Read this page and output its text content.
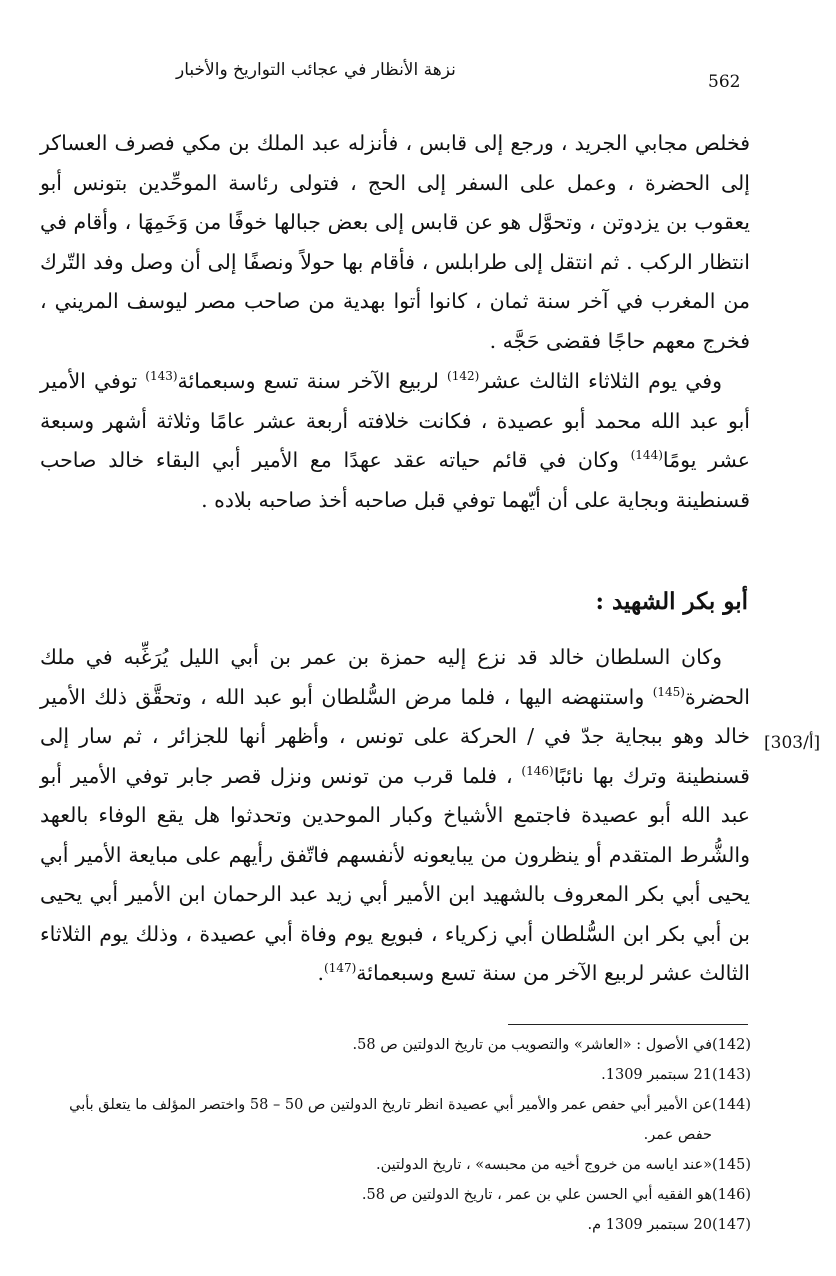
نزهة الأنظار في عجائب التواريخ والأخبار
562

فخلص مجابي الجريد ، ورجع إلى قابس ، فأنزله عبد الملك بن مكي فصرف العساكر إلى الحضرة ، وعمل على السفر إلى الحج ، فتولى رئاسة الموحِّدين بتونس أبو يعقوب بن يزدوتن ، وتحوَّل هو عن قابس إلى بعض جبالها خوفًا من وَخَمِهَا ، وأقام في انتظار الركب . ثم انتقل إلى طرابلس ، فأقام بها حولاً ونصفًا إلى أن وصل وفد التّرك من المغرب في آخر سنة ثمان ، كانوا أتوا بهدية من صاحب مصر ليوسف المريني ، فخرج معهم حاجًا فقضى حَجَّه .

وفي يوم الثلاثاء الثالث عشر$^{(142)}$ لربيع الآخر سنة تسع وسبعمائة$^{(143)}$ توفي الأمير أبو عبد الله محمد أبو عصيدة ، فكانت خلافته أربعة عشر عامًا وثلاثة أشهر وسبعة عشر يومًا$^{(144)}$ وكان في قائم حياته عقد عهدًا مع الأمير أبي البقاء خالد صاحب قسنطينة وبجاية على أن أيّهما توفي قبل صاحبه أخذ صاحبه بلاده .

أبو بكر الشهيد :

وكان السلطان خالد قد نزع إليه حمزة بن عمر بن أبي الليل يُرَغِّبه في ملك الحضرة$^{(145)}$ واستنهضه اليها ، فلما مرض السُّلطان أبو عبد الله ، وتحقَّق ذلك الأمير خالد وهو ببجاية جدّ في / الحركة على تونس ، وأظهر أنها للجزائر ، ثم سار إلى قسنطينة وترك بها نائبًا$^{(146)}$ ، فلما قرب من تونس ونزل قصر جابر توفي الأمير أبو عبد الله أبو عصيدة فاجتمع الأشياخ وكبار الموحدين وتحدثوا هل يقع الوفاء بالعهد والشُّرط المتقدم أو ينظرون من يبايعونه لأنفسهم فاتّفق رأيهم على مبايعة الأمير أبي يحيى أبي بكر المعروف بالشهيد ابن الأمير أبي زيد عبد الرحمان ابن الأمير أبي يحيى بن أبي بكر ابن السُّلطان أبي زكرياء ، فبويع يوم وفاة أبي عصيدة ، وذلك يوم الثلاثاء الثالث عشر لربيع الآخر من سنة تسع وسبعمائة$^{(147)}$.

[303/أ]
(142)
في الأصول : «العاشر» والتصويب من تاريخ الدولتين ص 58.
(143)
21 سبتمبر 1309.
(144)
عن الأمير أبي حفص عمر والأمير أبي عصيدة انظر تاريخ الدولتين ص 50 – 58 واختصر المؤلف ما يتعلق بأبي حفص عمر.
(145)
«عند اياسه من خروج أخيه من محبسه» ، تاريخ الدولتين.
(146)
هو الفقيه أبي الحسن علي بن عمر ، تاريخ الدولتين ص 58.
(147)
20 سبتمبر 1309 م.
